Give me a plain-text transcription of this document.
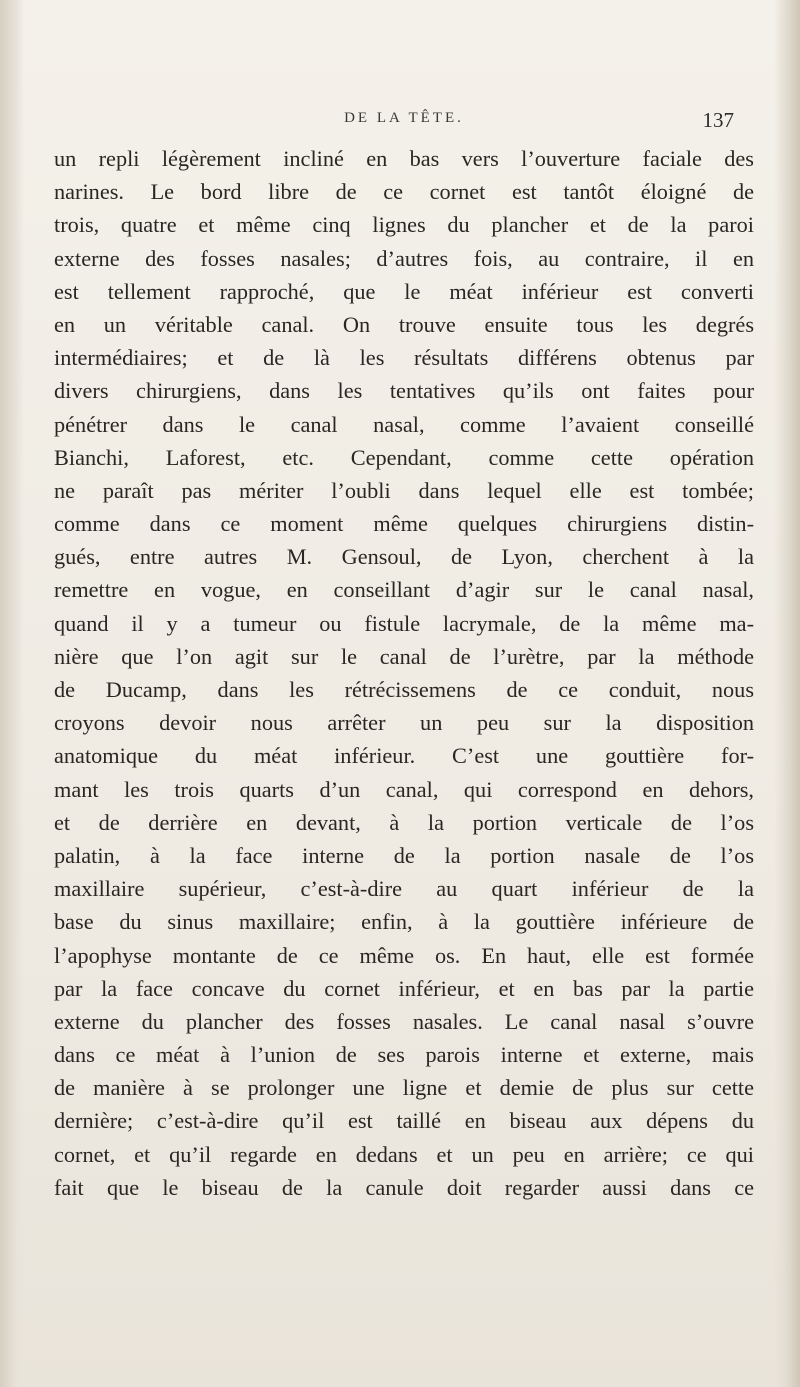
DE LA TÊTE.	137
un repli légèrement incliné en bas vers l’ouverture faciale des
narines. Le bord libre de ce cornet est tantôt éloigné de
trois, quatre et même cinq lignes du plancher et de la paroi
externe des fosses nasales; d’autres fois, au contraire, il en
est tellement rapproché, que le méat inférieur est converti
en un véritable canal. On trouve ensuite tous les degrés
intermédiaires; et de là les résultats différens obtenus par
divers chirurgiens, dans les tentatives qu’ils ont faites pour
pénétrer dans le canal nasal, comme l’avaient conseillé
Bianchi, Laforest, etc. Cependant, comme cette opération
ne paraît pas mériter l’oubli dans lequel elle est tombée;
comme dans ce moment même quelques chirurgiens distin-
gués, entre autres M. Gensoul, de Lyon, cherchent à la
remettre en vogue, en conseillant d’agir sur le canal nasal,
quand il y a tumeur ou fistule lacrymale, de la même ma-
nière que l’on agit sur le canal de l’urètre, par la méthode
de Ducamp, dans les rétrécissemens de ce conduit, nous
croyons devoir nous arrêter un peu sur la disposition
anatomique du méat inférieur. C’est une gouttière for-
mant les trois quarts d’un canal, qui correspond en dehors,
et de derrière en devant, à la portion verticale de l’os
palatin, à la face interne de la portion nasale de l’os
maxillaire supérieur, c’est-à-dire au quart inférieur de la
base du sinus maxillaire; enfin, à la gouttière inférieure de
l’apophyse montante de ce même os. En haut, elle est formée
par la face concave du cornet inférieur, et en bas par la partie
externe du plancher des fosses nasales. Le canal nasal s’ouvre
dans ce méat à l’union de ses parois interne et externe, mais
de manière à se prolonger une ligne et demie de plus sur cette
dernière; c’est-à-dire qu’il est taillé en biseau aux dépens du
cornet, et qu’il regarde en dedans et un peu en arrière; ce qui
fait que le biseau de la canule doit regarder aussi dans ce
